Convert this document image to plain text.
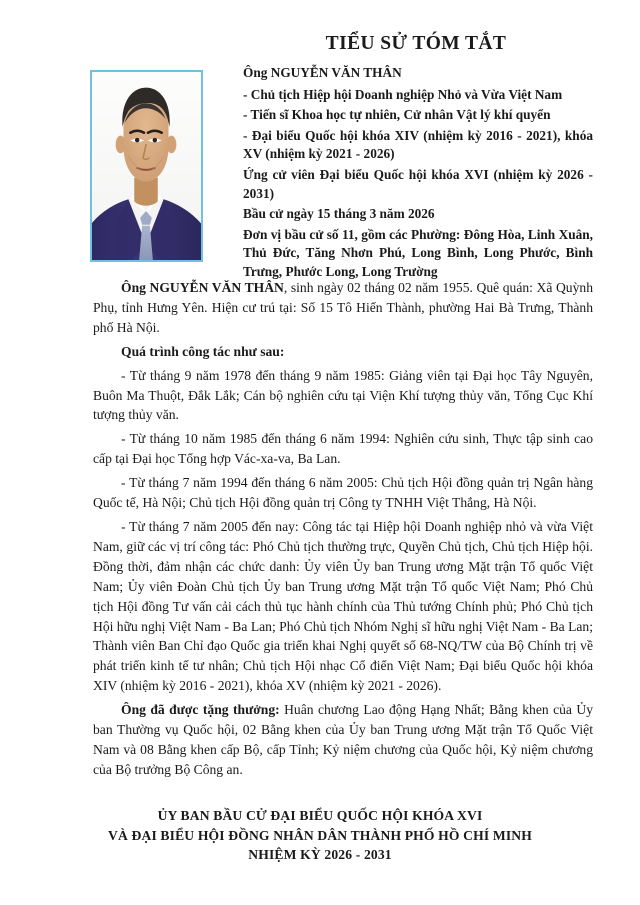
TIỂU SỬ TÓM TẮT
Ông NGUYỄN VĂN THÂN
- Chủ tịch Hiệp hội Doanh nghiệp Nhỏ và Vừa Việt Nam
- Tiến sĩ Khoa học tự nhiên, Cử nhân Vật lý khí quyển
- Đại biểu Quốc hội khóa XIV (nhiệm kỳ 2016 - 2021), khóa XV (nhiệm kỳ 2021 - 2026)
Ứng cử viên Đại biểu Quốc hội khóa XVI (nhiệm kỳ 2026 - 2031)
Bầu cử ngày 15 tháng 3 năm 2026
Đơn vị bầu cử số 11, gồm các Phường: Đông Hòa, Linh Xuân, Thủ Đức, Tăng Nhơn Phú, Long Bình, Long Phước, Bình Trưng, Phước Long, Long Trường

Ông NGUYỄN VĂN THÂN, sinh ngày 02 tháng 02 năm 1955. Quê quán: Xã Quỳnh Phụ, tỉnh Hưng Yên. Hiện cư trú tại: Số 15 Tô Hiến Thành, phường Hai Bà Trưng, Thành phố Hà Nội.

Quá trình công tác như sau:

- Từ tháng 9 năm 1978 đến tháng 9 năm 1985: Giảng viên tại Đại học Tây Nguyên, Buôn Ma Thuột, Đắk Lắk; Cán bộ nghiên cứu tại Viện Khí tượng thủy văn, Tổng Cục Khí tượng thủy văn.

- Từ tháng 10 năm 1985 đến tháng 6 năm 1994: Nghiên cứu sinh, Thực tập sinh cao cấp tại Đại học Tổng hợp Vác-xa-va, Ba Lan.

- Từ tháng 7 năm 1994 đến tháng 6 năm 2005: Chủ tịch Hội đồng quản trị Ngân hàng Quốc tế, Hà Nội; Chủ tịch Hội đồng quản trị Công ty TNHH Việt Thắng, Hà Nội.

- Từ tháng 7 năm 2005 đến nay: Công tác tại Hiệp hội Doanh nghiệp nhỏ và vừa Việt Nam, giữ các vị trí công tác: Phó Chủ tịch thường trực, Quyền Chủ tịch, Chủ tịch Hiệp hội. Đồng thời, đảm nhận các chức danh: Ủy viên Ủy ban Trung ương Mặt trận Tổ quốc Việt Nam; Ủy viên Đoàn Chủ tịch Ủy ban Trung ương Mặt trận Tổ quốc Việt Nam; Phó Chủ tịch Hội đồng Tư vấn cải cách thủ tục hành chính của Thủ tướng Chính phủ; Phó Chủ tịch Hội hữu nghị Việt Nam - Ba Lan; Phó Chủ tịch Nhóm Nghị sĩ hữu nghị Việt Nam - Ba Lan; Thành viên Ban Chỉ đạo Quốc gia triển khai Nghị quyết số 68-NQ/TW của Bộ Chính trị về phát triển kinh tế tư nhân; Chủ tịch Hội nhạc Cổ điển Việt Nam; Đại biểu Quốc hội khóa XIV (nhiệm kỳ 2016 - 2021), khóa XV (nhiệm kỳ 2021 - 2026).

Ông đã được tặng thưởng: Huân chương Lao động Hạng Nhất; Bằng khen của Ủy ban Thường vụ Quốc hội, 02 Bằng khen của Ủy ban Trung ương Mặt trận Tổ Quốc Việt Nam và 08 Bằng khen cấp Bộ, cấp Tỉnh; Kỷ niệm chương của Quốc hội, Kỷ niệm chương của Bộ trưởng Bộ Công an.

ỦY BAN BẦU CỬ ĐẠI BIỂU QUỐC HỘI KHÓA XVI
VÀ ĐẠI BIỂU HỘI ĐỒNG NHÂN DÂN THÀNH PHỐ HỒ CHÍ MINH
NHIỆM KỲ 2026 - 2031
